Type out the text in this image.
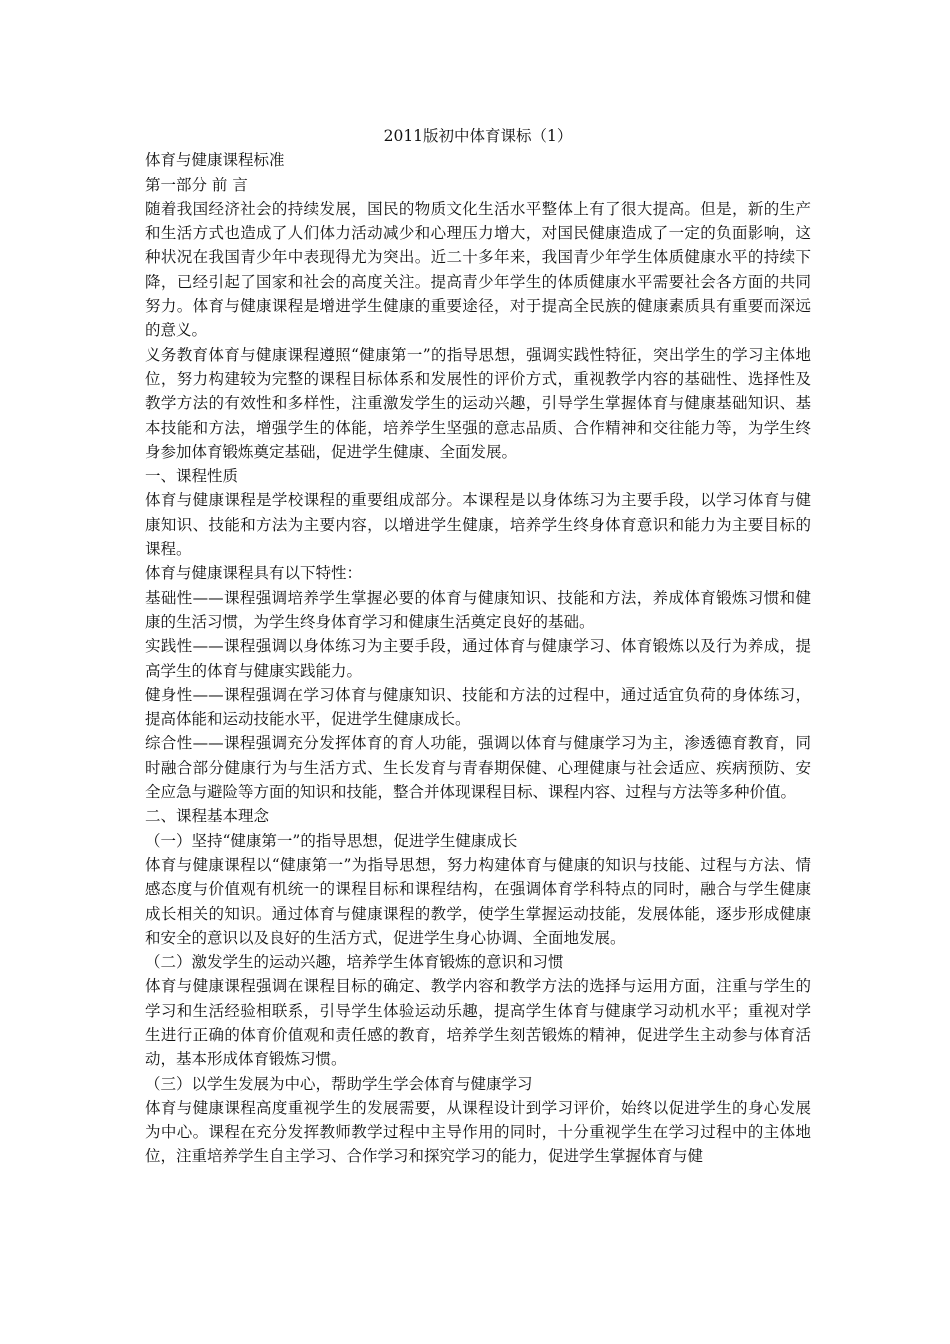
2011版初中体育课标（1）

体育与健康课程标准

第一部分 前 言

随着我国经济社会的持续发展，国民的物质文化生活水平整体上有了很大提高。但是，新的生产和生活方式也造成了人们体力活动减少和心理压力增大，对国民健康造成了一定的负面影响，这种状况在我国青少年中表现得尤为突出。近二十多年来，我国青少年学生体质健康水平的持续下降，已经引起了国家和社会的高度关注。提高青少年学生的体质健康水平需要社会各方面的共同努力。体育与健康课程是增进学生健康的重要途径，对于提高全民族的健康素质具有重要而深远的意义。

义务教育体育与健康课程遵照“健康第一”的指导思想，强调实践性特征，突出学生的学习主体地位，努力构建较为完整的课程目标体系和发展性的评价方式，重视教学内容的基础性、选择性及教学方法的有效性和多样性，注重激发学生的运动兴趣，引导学生掌握体育与健康基础知识、基本技能和方法，增强学生的体能，培养学生坚强的意志品质、合作精神和交往能力等，为学生终身参加体育锻炼奠定基础，促进学生健康、全面发展。

一、课程性质

体育与健康课程是学校课程的重要组成部分。本课程是以身体练习为主要手段，以学习体育与健康知识、技能和方法为主要内容，以增进学生健康，培养学生终身体育意识和能力为主要目标的课程。

体育与健康课程具有以下特性：

基础性——课程强调培养学生掌握必要的体育与健康知识、技能和方法，养成体育锻炼习惯和健康的生活习惯，为学生终身体育学习和健康生活奠定良好的基础。

实践性——课程强调以身体练习为主要手段，通过体育与健康学习、体育锻炼以及行为养成，提高学生的体育与健康实践能力。

健身性——课程强调在学习体育与健康知识、技能和方法的过程中，通过适宜负荷的身体练习，提高体能和运动技能水平，促进学生健康成长。

综合性——课程强调充分发挥体育的育人功能，强调以体育与健康学习为主，渗透德育教育，同时融合部分健康行为与生活方式、生长发育与青春期保健、心理健康与社会适应、疾病预防、安全应急与避险等方面的知识和技能，整合并体现课程目标、课程内容、过程与方法等多种价值。

二、课程基本理念

（一）坚持“健康第一”的指导思想，促进学生健康成长

体育与健康课程以“健康第一”为指导思想，努力构建体育与健康的知识与技能、过程与方法、情感态度与价值观有机统一的课程目标和课程结构，在强调体育学科特点的同时，融合与学生健康成长相关的知识。通过体育与健康课程的教学，使学生掌握运动技能，发展体能，逐步形成健康和安全的意识以及良好的生活方式，促进学生身心协调、全面地发展。

（二）激发学生的运动兴趣，培养学生体育锻炼的意识和习惯

体育与健康课程强调在课程目标的确定、教学内容和教学方法的选择与运用方面，注重与学生的学习和生活经验相联系，引导学生体验运动乐趣，提高学生体育与健康学习动机水平；重视对学生进行正确的体育价值观和责任感的教育，培养学生刻苦锻炼的精神，促进学生主动参与体育活动，基本形成体育锻炼习惯。

（三）以学生发展为中心，帮助学生学会体育与健康学习

体育与健康课程高度重视学生的发展需要，从课程设计到学习评价，始终以促进学生的身心发展为中心。课程在充分发挥教师教学过程中主导作用的同时，十分重视学生在学习过程中的主体地位，注重培养学生自主学习、合作学习和探究学习的能力，促进学生掌握体育与健
